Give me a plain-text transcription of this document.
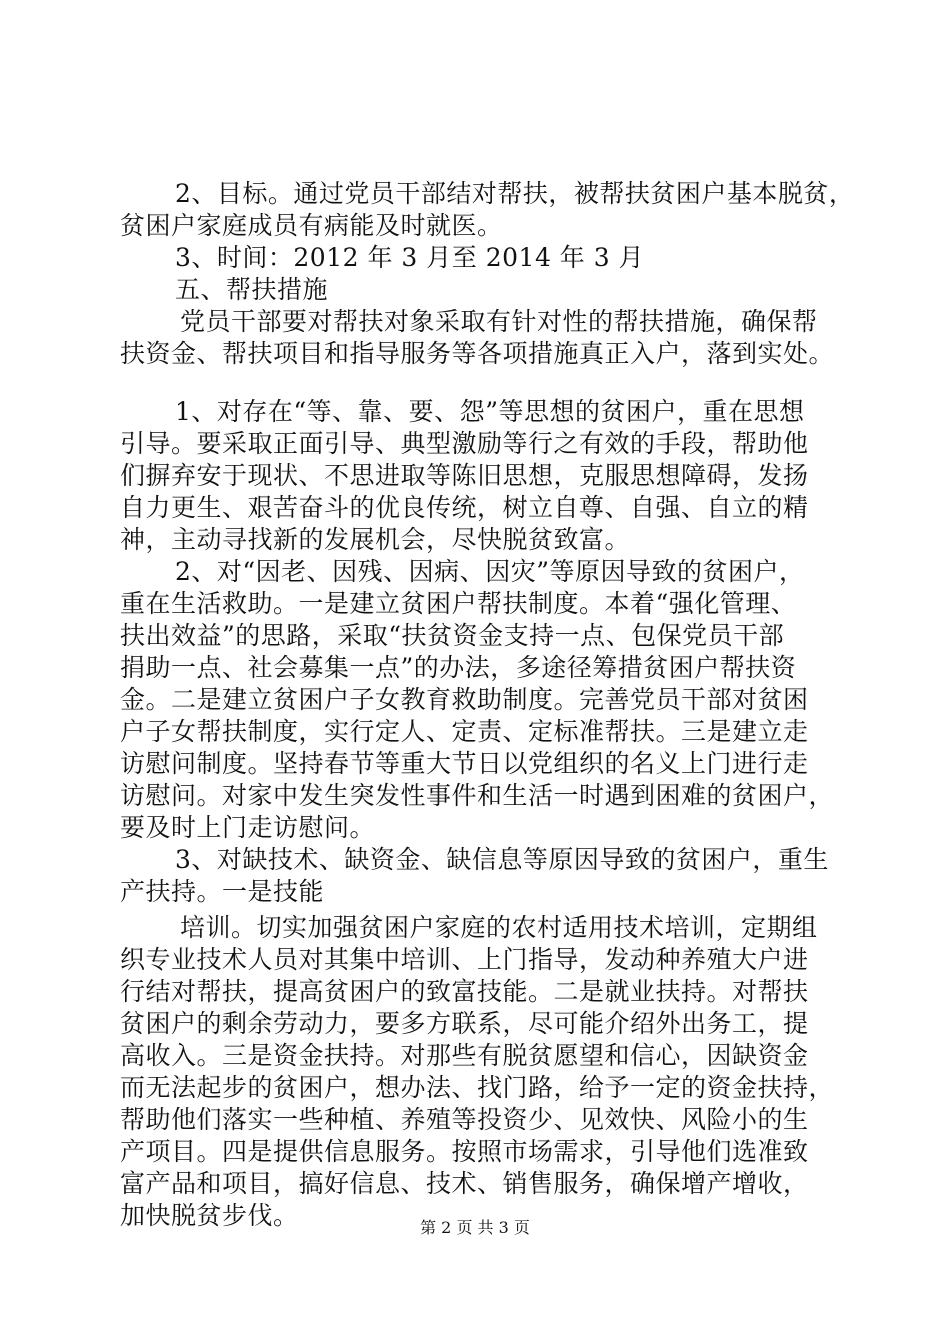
2、目标。通过党员干部结对帮扶，被帮扶贫困户基本脱贫，
贫困户家庭成员有病能及时就医。
3、时间：2012 年 3 月至 2014 年 3 月
五、帮扶措施
党员干部要对帮扶对象采取有针对性的帮扶措施，确保帮
扶资金、帮扶项目和指导服务等各项措施真正入户，落到实处。
1、对存在“等、靠、要、怨”等思想的贫困户，重在思想
引导。要采取正面引导、典型激励等行之有效的手段，帮助他
们摒弃安于现状、不思进取等陈旧思想，克服思想障碍，发扬
自力更生、艰苦奋斗的优良传统，树立自尊、自强、自立的精
神，主动寻找新的发展机会，尽快脱贫致富。
2、对“因老、因残、因病、因灾”等原因导致的贫困户，
重在生活救助。一是建立贫困户帮扶制度。本着“强化管理、
扶出效益”的思路，采取“扶贫资金支持一点、包保党员干部
捐助一点、社会募集一点”的办法，多途径筹措贫困户帮扶资
金。二是建立贫困户子女教育救助制度。完善党员干部对贫困
户子女帮扶制度，实行定人、定责、定标准帮扶。三是建立走
访慰问制度。坚持春节等重大节日以党组织的名义上门进行走
访慰问。对家中发生突发性事件和生活一时遇到困难的贫困户，
要及时上门走访慰问。
3、对缺技术、缺资金、缺信息等原因导致的贫困户，重生
产扶持。一是技能
培训。切实加强贫困户家庭的农村适用技术培训，定期组
织专业技术人员对其集中培训、上门指导，发动种养殖大户进
行结对帮扶，提高贫困户的致富技能。二是就业扶持。对帮扶
贫困户的剩余劳动力，要多方联系，尽可能介绍外出务工，提
高收入。三是资金扶持。对那些有脱贫愿望和信心，因缺资金
而无法起步的贫困户，想办法、找门路，给予一定的资金扶持，
帮助他们落实一些种植、养殖等投资少、见效快、风险小的生
产项目。四是提供信息服务。按照市场需求，引导他们选准致
富产品和项目，搞好信息、技术、销售服务，确保增产增收，
加快脱贫步伐。	第 2 页 共 3 页
